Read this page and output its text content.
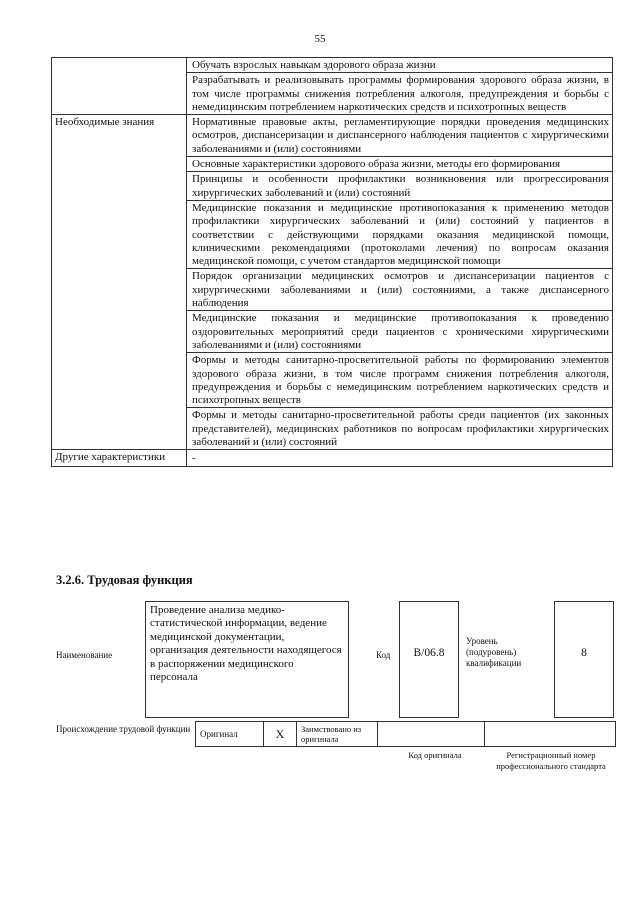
55
	Обучать взрослых навыкам здорового образа жизни
	Разрабатывать и реализовывать программы формирования здорового образа жизни, в том числе программы снижения потребления алкоголя, предупреждения и борьбы с немедицинским потреблением наркотических средств и психотропных веществ
Необходимые знания	Нормативные правовые акты, регламентирующие порядки проведения медицинских осмотров, диспансеризации и диспансерного наблюдения пациентов с хирургическими заболеваниями и (или) состояниями
	Основные характеристики здорового образа жизни, методы его формирования
	Принципы и особенности профилактики возникновения или прогрессирования хирургических заболеваний и (или) состояний
	Медицинские показания и медицинские противопоказания к применению методов профилактики хирургических заболеваний и (или) состояний у пациентов в соответствии с действующими порядками оказания медицинской помощи, клиническими рекомендациями (протоколами лечения) по вопросам оказания медицинской помощи, с учетом стандартов медицинской помощи
	Порядок организации медицинских осмотров и диспансеризации пациентов с хирургическими заболеваниями и (или) состояниями, а также диспансерного наблюдения
	Медицинские показания и медицинские противопоказания к проведению оздоровительных мероприятий среди пациентов с хроническими хирургическими заболеваниями и (или) состояниями
	Формы и методы санитарно-просветительной работы по формированию элементов здорового образа жизни, в том числе программ снижения потребления алкоголя, предупреждения и борьбы с немедицинским потреблением наркотических средств и психотропных веществ
	Формы и методы санитарно-просветительной работы среди пациентов (их законных представителей), медицинских работников по вопросам профилактики хирургических заболеваний и (или) состояний
Другие характеристики	-
3.2.6. Трудовая функция
Наименование
Проведение анализа медико-статистической информации, ведение медицинской документации, организация деятельности находящегося в распоряжении медицинского персонала
Код	B/06.8
Уровень (подуровень) квалификации
8
Происхождение трудовой функции	Оригинал	X	Заимствовано из оригинала		
Код оригинала	Регистрационный номер профессионального стандарта
